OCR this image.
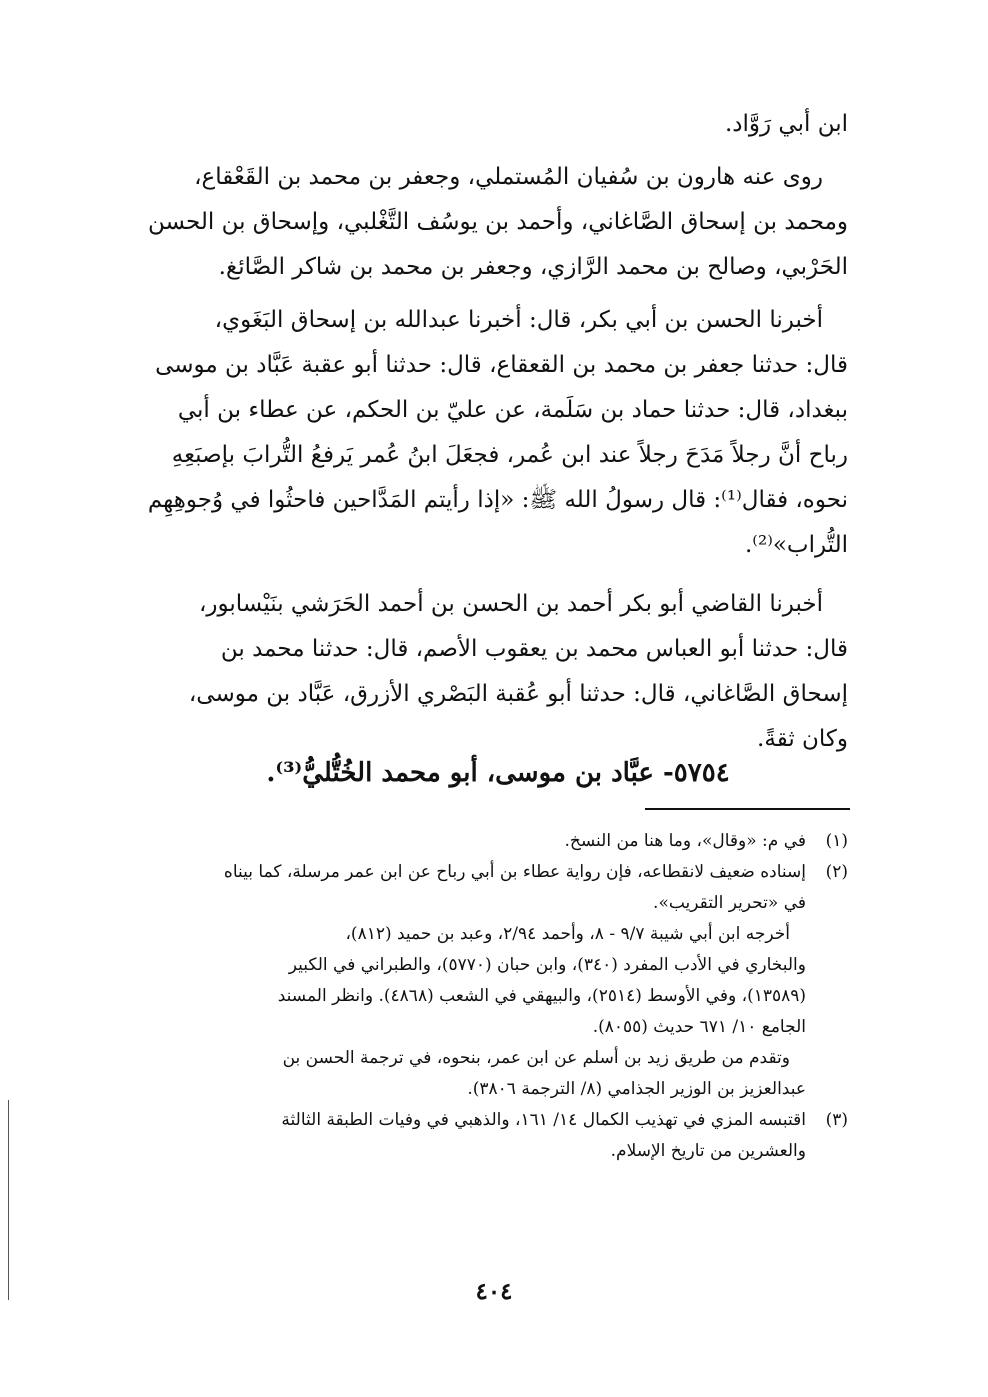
ابن أبي رَوَّاد.
روى عنه هارون بن سُفيان المُستملي، وجعفر بن محمد بن القَعْقاع،
ومحمد بن إسحاق الصَّاغاني، وأحمد بن يوسُف التَّغْلبي، وإسحاق بن الحسن
الحَرْبي، وصالح بن محمد الرَّازي، وجعفر بن محمد بن شاكر الصَّائغ.
أخبرنا الحسن بن أبي بكر، قال: أخبرنا عبدالله بن إسحاق البَغَوي،
قال: حدثنا جعفر بن محمد بن القعقاع، قال: حدثنا أبو عقبة عَبَّاد بن موسى
ببغداد، قال: حدثنا حماد بن سَلَمة، عن عليّ بن الحكم، عن عطاء بن أبي
رباح أنَّ رجلاً مَدَحَ رجلاً عند ابن عُمر، فجعَلَ ابنُ عُمر يَرفعُ التُّرابَ بإصبَعِهِ
نحوه، فقال⁽¹⁾: قال رسولُ الله ﷺ: «إذا رأيتم المَدَّاحين فاحثُوا في وُجوهِهِم
التُّراب»⁽²⁾.
أخبرنا القاضي أبو بكر أحمد بن الحسن بن أحمد الحَرَشي بنَيْسابور،
قال: حدثنا أبو العباس محمد بن يعقوب الأصم، قال: حدثنا محمد بن
إسحاق الصَّاغاني، قال: حدثنا أبو عُقبة البَصْري الأزرق، عَبَّاد بن موسى،
وكان ثقةً.
٥٧٥٤- عبَّاد بن موسى، أبو محمد الخُتُّليُّ⁽³⁾.
(١)
في م: «وقال»، وما هنا من النسخ.
(٢)
إسناده ضعيف لانقطاعه، فإن رواية عطاء بن أبي رباح عن ابن عمر مرسلة، كما بيناه
في «تحرير التقريب».
أخرجه ابن أبي شيبة ٩/٧ - ٨، وأحمد ٢/٩٤، وعبد بن حميد (٨١٢)،
والبخاري في الأدب المفرد (٣٤٠)، وابن حبان (٥٧٧٠)، والطبراني في الكبير
(١٣٥٨٩)، وفي الأوسط (٢٥١٤)، والبيهقي في الشعب (٤٨٦٨). وانظر المسند
الجامع ١٠/ ٦٧١ حديث (٨٠٥٥).
وتقدم من طريق زيد بن أسلم عن ابن عمر، بنحوه، في ترجمة الحسن بن
عبدالعزيز بن الوزير الجذامي (٨/ الترجمة ٣٨٠٦).
(٣)
اقتبسه المزي في تهذيب الكمال ١٤/ ١٦١، والذهبي في وفيات الطبقة الثالثة
والعشرين من تاريخ الإسلام.
٤٠٤
